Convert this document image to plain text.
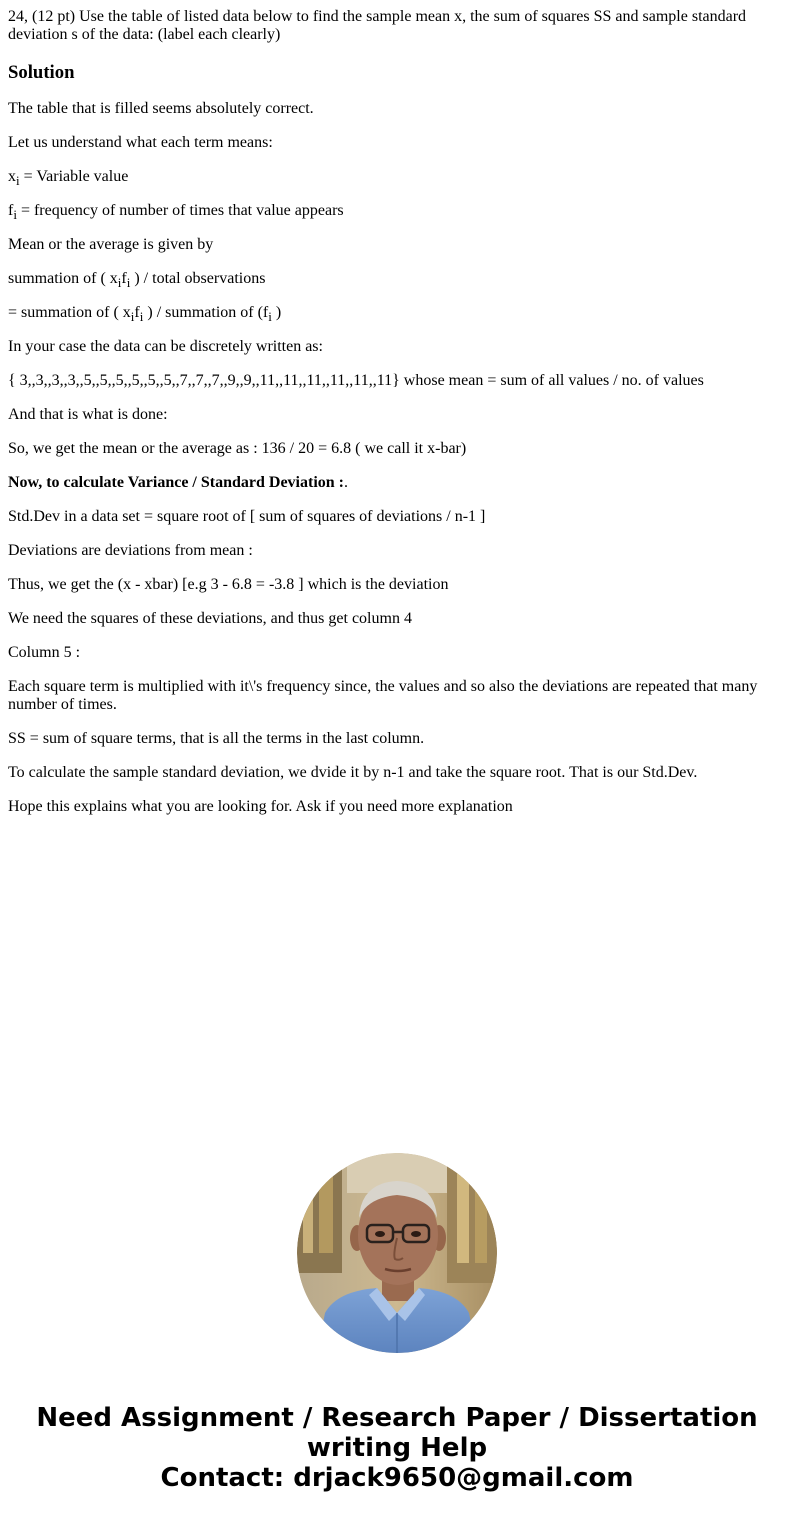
24, (12 pt) Use the table of listed data below to find the sample mean x, the sum of squares SS and sample standard deviation s of the data: (label each clearly)
Solution

The table that is filled seems absolutely correct.

Let us understand what each term means:

$x_i$ = Variable value

$f_i$ = frequency of number of times that value appears

Mean or the average is given by

summation of ( $x_if_i$ ) / total observations

= summation of ( $x_if_i$ ) / summation of ($f_i$ )

In your case the data can be discretely written as:

{ 3,,3,,3,,3,,5,,5,,5,,5,,5,,5,,7,,7,,7,,9,,9,,11,,11,,11,,11,,11,,11} whose mean = sum of all values / no. of values

And that is what is done:

So, we get the mean or the average as : 136 / 20 = 6.8 ( we call it x-bar)

Now, to calculate Variance / Standard Deviation :.

Std.Dev in a data set = square root of [ sum of squares of deviations / n-1 ]

Deviations are deviations from mean :

Thus, we get the (x - xbar) [e.g 3 - 6.8 = -3.8 ] which is the deviation

We need the squares of these deviations, and thus get column 4

Column 5 :

Each square term is multiplied with it\'s frequency since, the values and so also the deviations are repeated that many number of times.

SS = sum of square terms, that is all the terms in the last column.

To calculate the sample standard deviation, we dvide it by n-1 and take the square root. That is our Std.Dev.

Hope this explains what you are looking for. Ask if you need more explanation

Need Assignment / Research Paper / Dissertation
writing Help
Contact: drjack9650@gmail.com
